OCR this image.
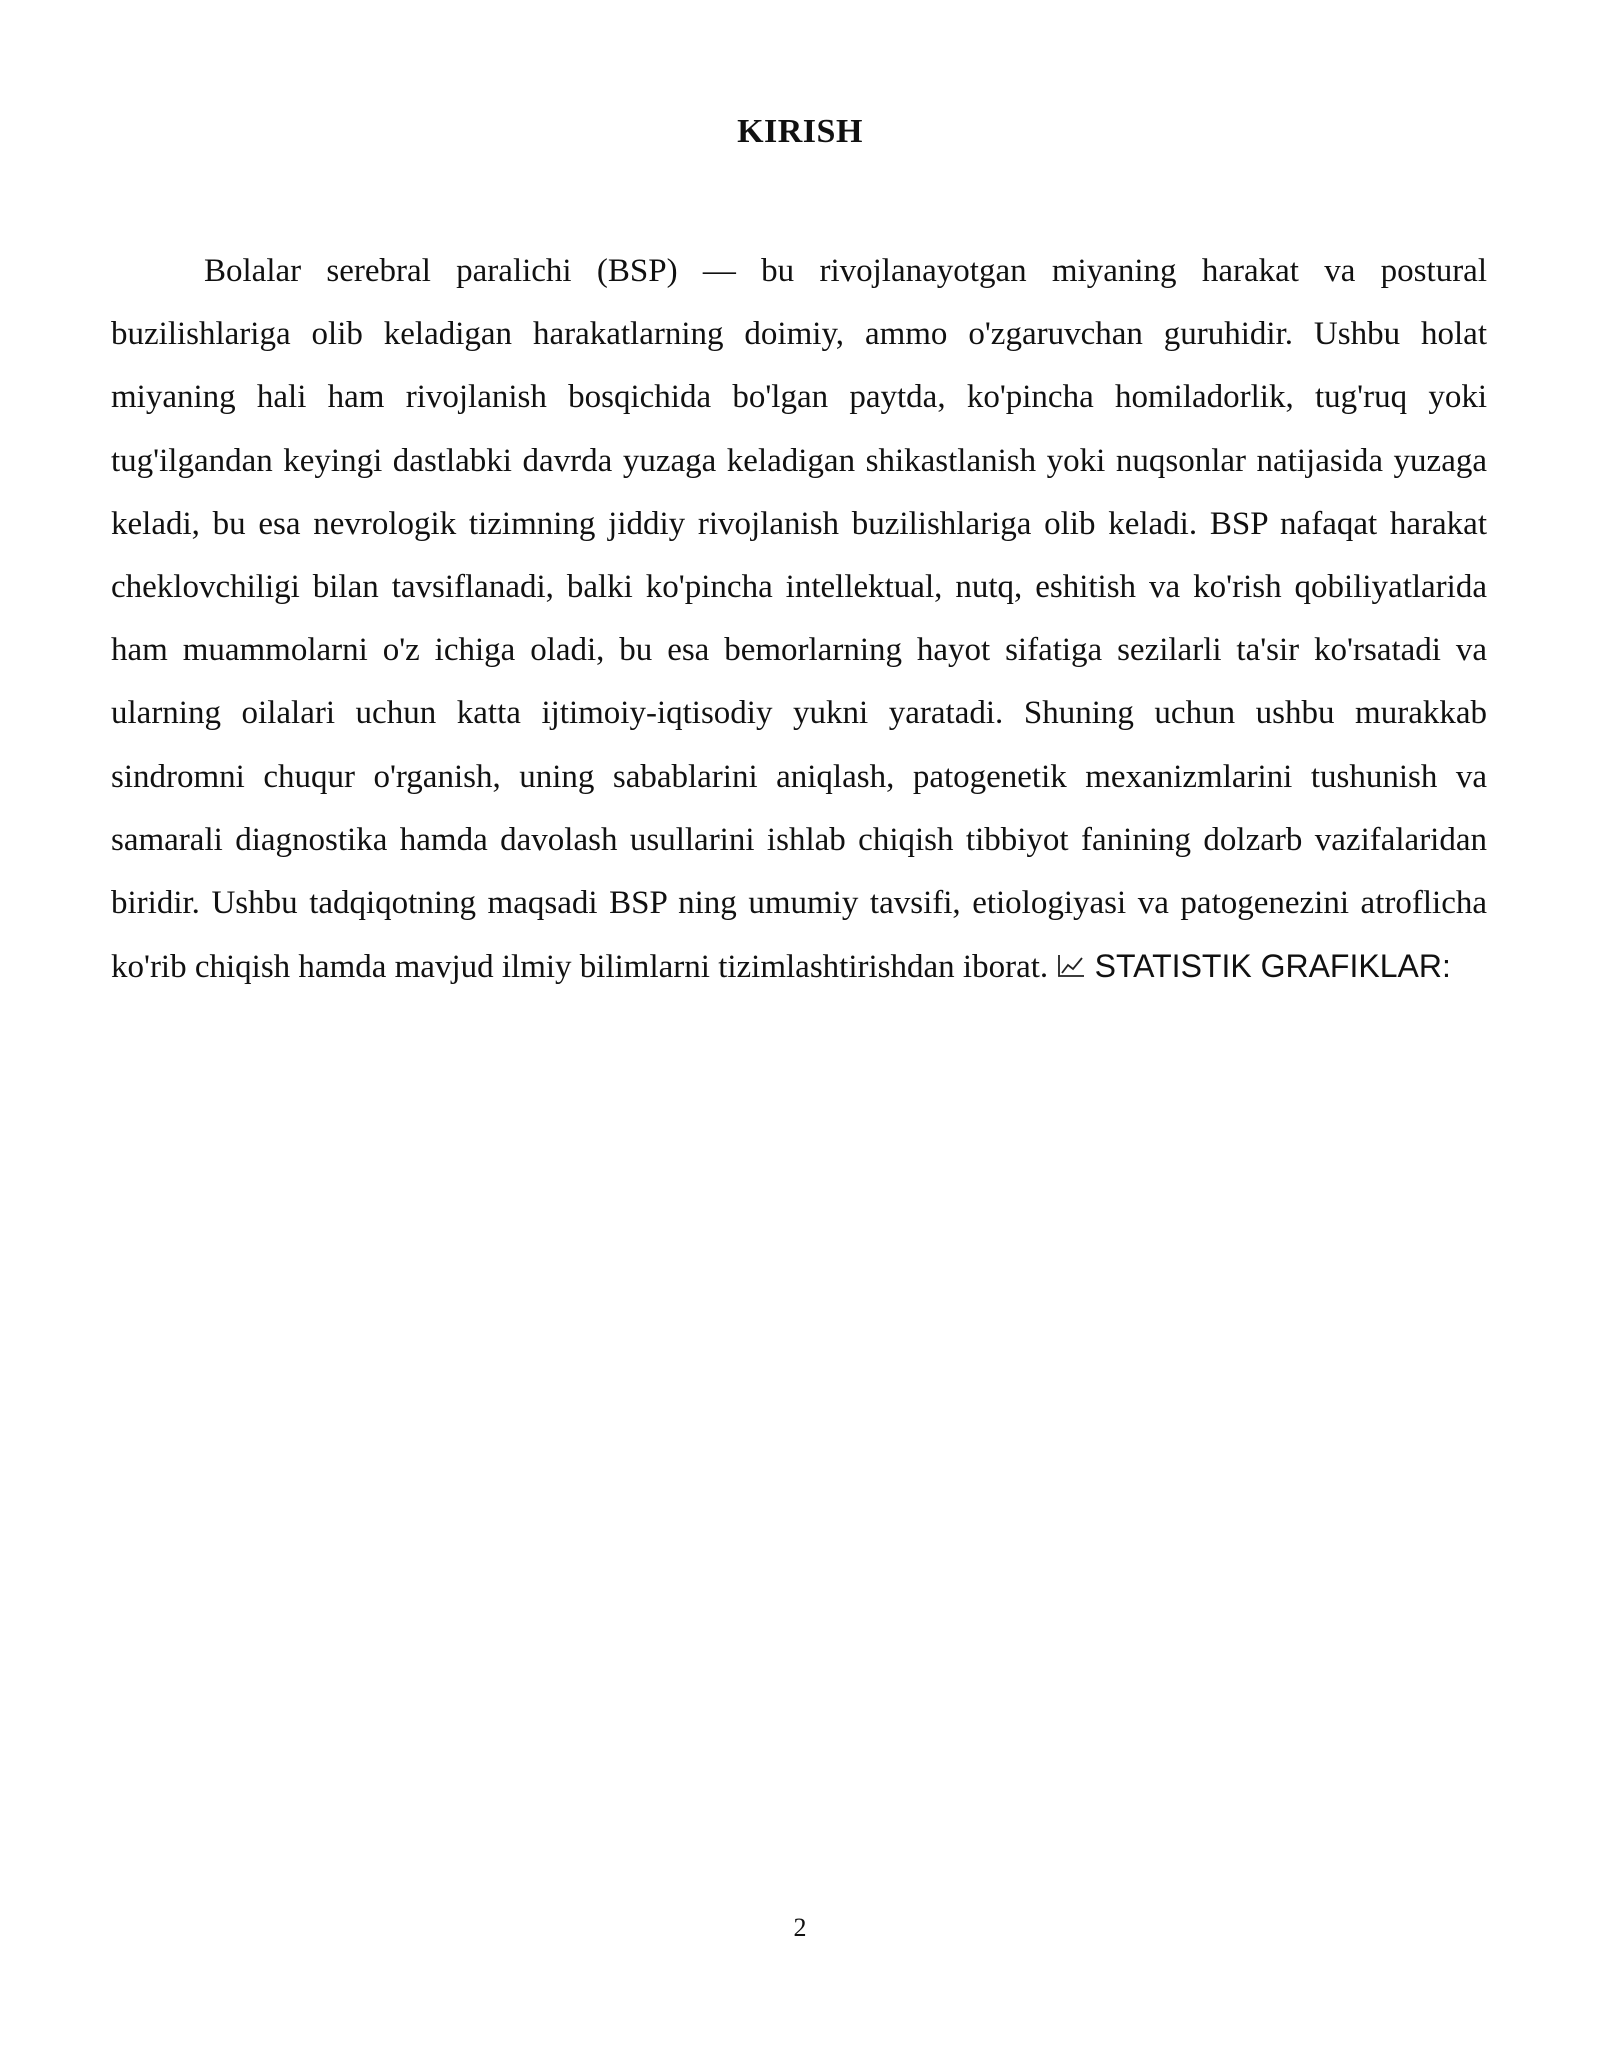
KIRISH

Bolalar serebral paralichi (BSP) — bu rivojlanayotgan miyaning harakat va postural buzilishlariga olib keladigan harakatlarning doimiy, ammo o'zgaruvchan guruhidir. Ushbu holat miyaning hali ham rivojlanish bosqichida bo'lgan paytda, ko'pincha homiladorlik, tug'ruq yoki tug'ilgandan keyingi dastlabki davrda yuzaga keladigan shikastlanish yoki nuqsonlar natijasida yuzaga keladi, bu esa nevrologik tizimning jiddiy rivojlanish buzilishlariga olib keladi. BSP nafaqat harakat cheklovchiligi bilan tavsiflanadi, balki ko'pincha intellektual, nutq, eshitish va ko'rish qobiliyatlarida ham muammolarni o'z ichiga oladi, bu esa bemorlarning hayot sifatiga sezilarli ta'sir ko'rsatadi va ularning oilalari uchun katta ijtimoiy-iqtisodiy yukni yaratadi. Shuning uchun ushbu murakkab sindromni chuqur o'rganish, uning sabablarini aniqlash, patogenetik mexanizmlarini tushunish va samarali diagnostika hamda davolash usullarini ishlab chiqish tibbiyot fanining dolzarb vazifalaridan biridir. Ushbu tadqiqotning maqsadi BSP ning umumiy tavsifi, etiologiyasi va patogenezini atroflicha ko'rib chiqish hamda mavjud ilmiy bilimlarni tizimlashtirishdan iborat. STATISTIK GRAFIKLAR:

2
